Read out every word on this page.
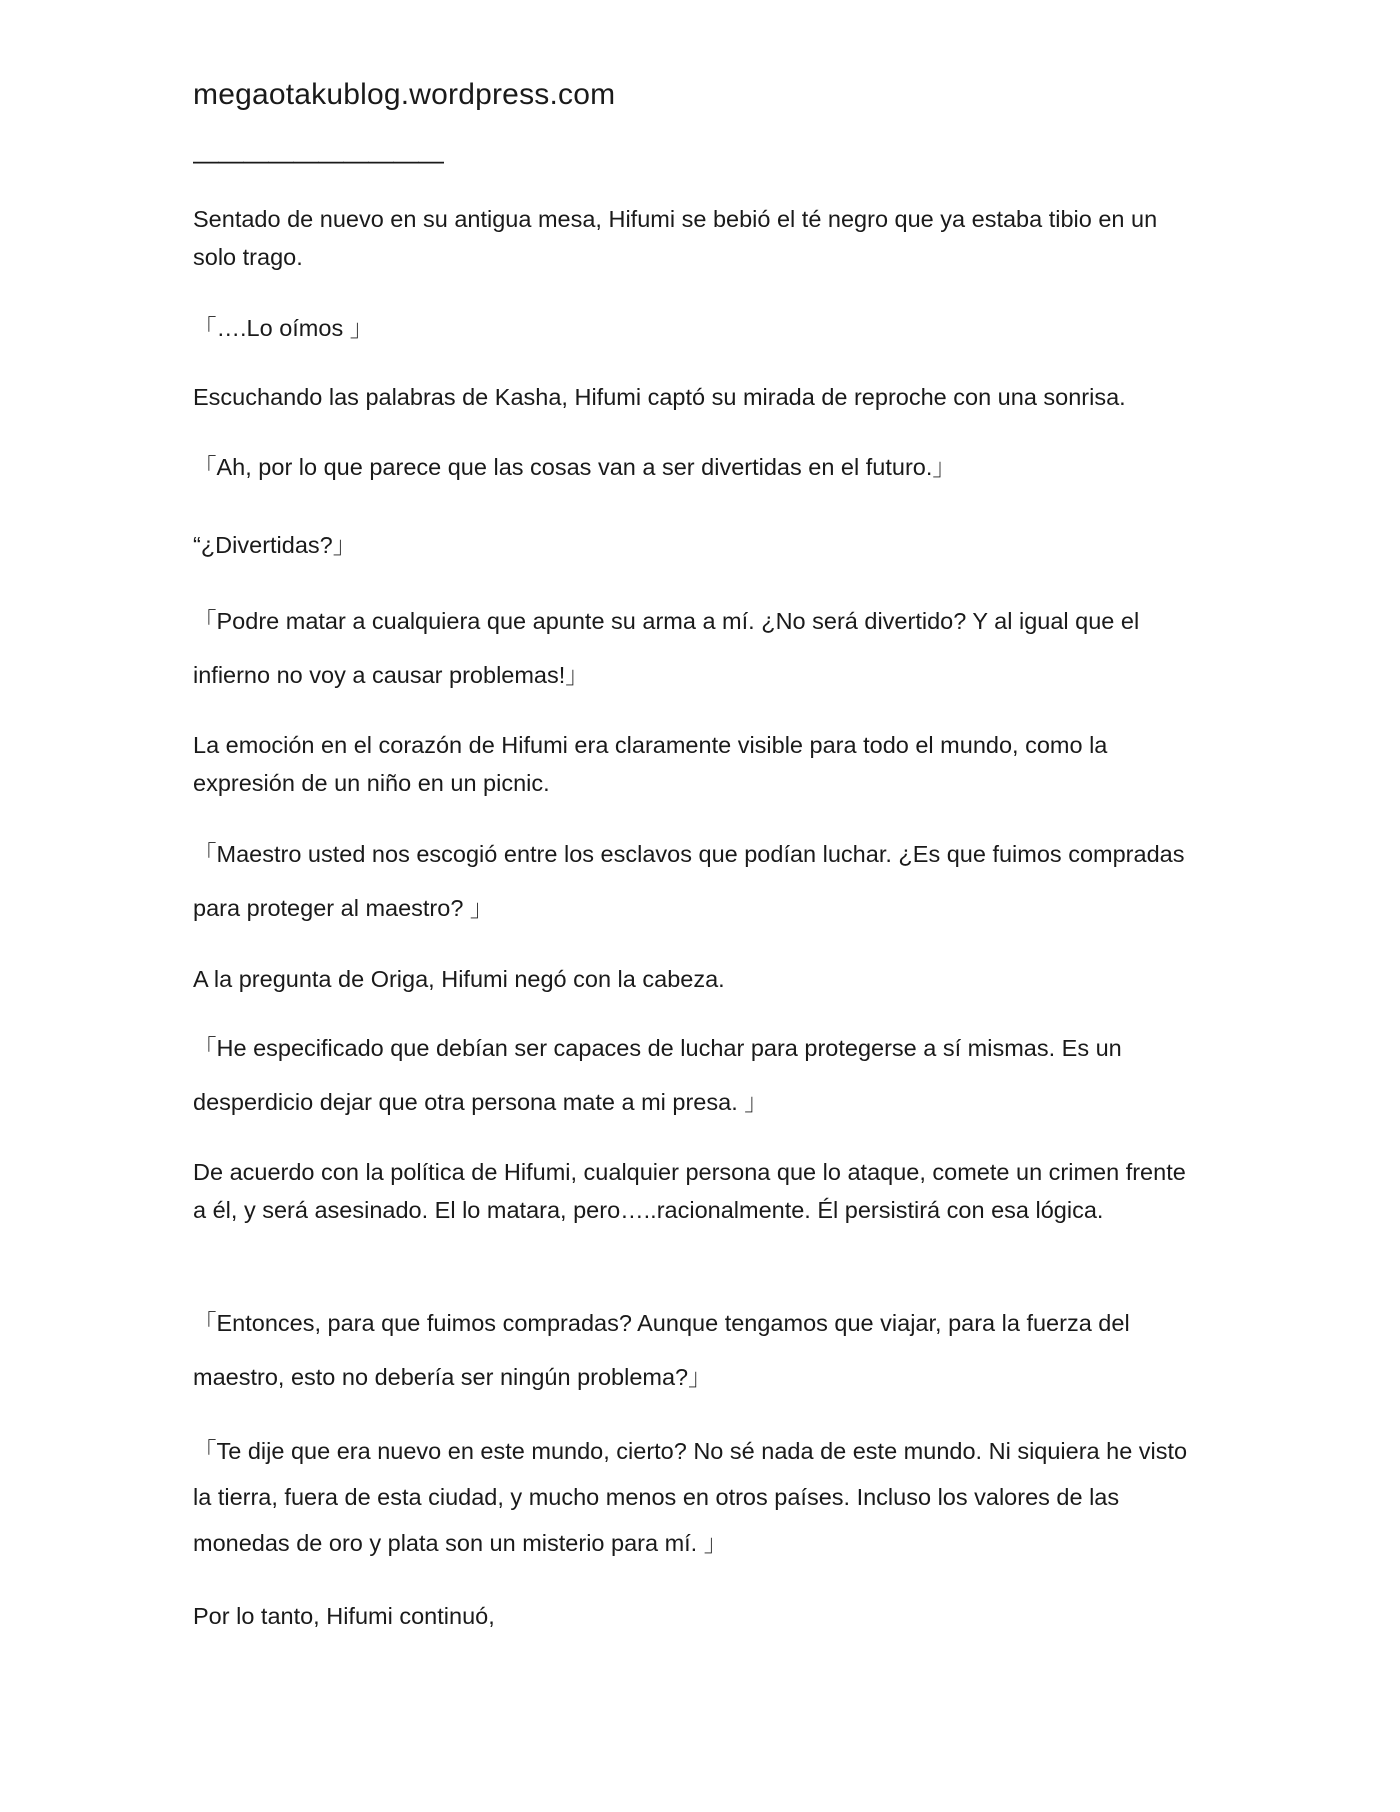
megaotakublog.wordpress.com
——————————

Sentado de nuevo en su antigua mesa, Hifumi se bebió el té negro que ya estaba tibio en un solo trago.

「….Lo oímos 」

Escuchando las palabras de Kasha, Hifumi captó su mirada de reproche con una sonrisa.

「Ah, por lo que parece que las cosas van a ser divertidas en el futuro.」

“¿Divertidas?」

「Podre matar a cualquiera que apunte su arma a mí. ¿No será divertido? Y al igual que el infierno no voy a causar problemas!」

La emoción en el corazón de Hifumi era claramente visible para todo el mundo, como la expresión de un niño en un picnic.

「Maestro usted nos escogió entre los esclavos que podían luchar. ¿Es que fuimos compradas para proteger al maestro? 」

A la pregunta de Origa, Hifumi negó con la cabeza.

「He especificado que debían ser capaces de luchar para protegerse a sí mismas. Es un desperdicio dejar que otra persona mate a mi presa. 」

De acuerdo con la política de Hifumi, cualquier persona que lo ataque, comete un crimen frente a él, y será asesinado. El lo matara, pero…..racionalmente. Él persistirá con esa lógica.

「Entonces, para que fuimos compradas? Aunque tengamos que viajar, para la fuerza del maestro, esto no debería ser ningún problema?」

「Te dije que era nuevo en este mundo, cierto? No sé nada de este mundo. Ni siquiera he visto la tierra, fuera de esta ciudad, y mucho menos en otros países. Incluso los valores de las monedas de oro y plata son un misterio para mí. 」

Por lo tanto, Hifumi continuó,
